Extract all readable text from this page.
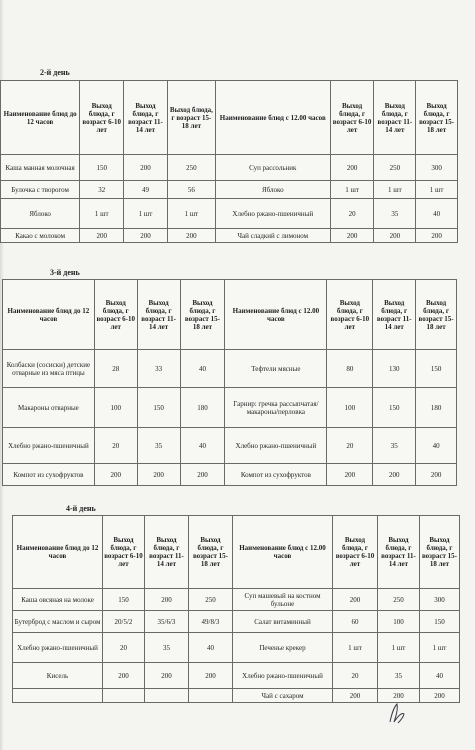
2-й день
Наименование блюд до 12 часов	Выход блюда, г возраст 6-10 лет	Выход блюда, г возраст 11-14 лет	Выход блюда, г возраст 15-18 лет	Наименование блюд с 12.00 часов	Выход блюда, г возраст 6-10 лет	Выход блюда, г возраст 11-14 лет	Выход блюда, г возраст 15-18 лет
Каша манная молочная	150	200	250	Суп рассольник	200	250	300
Булочка с творогом	32	49	56	Яблоко	1 шт	1 шт	1 шт
Яблоко	1 шт	1 шт	1 шт	Хлебно ржано-пшеничный	20	35	40
Какао с молоком	200	200	200	Чай сладкий с лимоном	200	200	200
3-й день
Наименование блюд до 12 часов	Выход блюда, г возраст 6-10 лет	Выход блюда, г возраст 11-14 лет	Выход блюда, г возраст 15-18 лет	Наименование блюд с 12.00 часов	Выход блюда, г возраст 6-10 лет	Выход блюда, г возраст 11-14 лет	Выход блюда, г возраст 15-18 лет
Колбаски (сосиски) детские отварные из мяса птицы	28	33	40	Тефтели мясные	80	130	150
Макароны отварные	100	150	180	Гарнир: гречка рассыпчатая/ макароны/перловка	100	150	180
Хлебно ржано-пшеничный	20	35	40	Хлебно ржано-пшеничный	20	35	40
Компот из сухофруктов	200	200	200	Компот из сухофруктов	200	200	200
4-й день
Наименование блюд до 12 часов	Выход блюда, г возраст 6-10 лет	Выход блюда, г возраст 11-14 лет	Выход блюда, г возраст 15-18 лет	Наименование блюд с 12.00 часов	Выход блюда, г возраст 6-10 лет	Выход блюда, г возраст 11-14 лет	Выход блюда, г возраст 15-18 лет
Каша овсяная на молоке	150	200	250	Суп машевый на костном бульоне	200	250	300
Бутерброд с маслом и сыром	20/5/2	35/6/3	49/8/3	Салат витаминный	60	100	150
Хлебно ржано-пшеничный	20	35	40	Печенье крекер	1 шт	1 шт	1 шт
Кисель	200	200	200	Хлебно ржано-пшеничный	20	35	40
				Чай с сахаром	200	200	200
